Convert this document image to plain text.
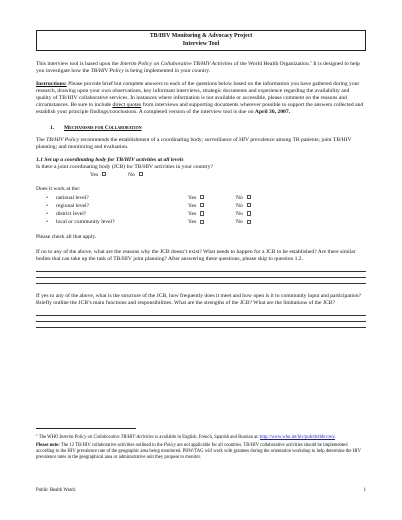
TB/HIV Monitoring & Advocacy Project
Interview Tool

This interview tool is based upon the Interim Policy on Collaborative TB/HIV Activities of the World Health Organization.$^1$ It is designed to help you investigate how the TB/HIV Policy is being implemented in your country.

Instructions: Please provide brief but complete answers to each of the questions below based on the information you have gathered during your research, drawing upon your own observations, key informant interviews, strategic documents and experience regarding the availability and quality of TB/HIV collaborative services. In instances where information is not available or accessible, please comment on the reasons and circumstances. Be sure to include direct quotes from interviews and supporting documents wherever possible to support the answers collected and establish your principle findings/conclusions. A completed version of the interview tool is due on April 30, 2007.

1. Mechanisms for Collaboration

The TB/HIV Policy recommends the establishment of a coordinating body; surveillance of HIV prevalence among TB patients; joint TB/HIV planning; and monitoring and evaluation.

1.1 Set up a coordinating body for TB/HIV activities at all levels

Is there a joint coordinating body (JCB) for TB/HIV activities in your country?

Yes	No

Does it work at the:

• national level?	Yes	No
• regional level?	Yes	No
• district level?	Yes	No
• local or community level?	Yes	No

Please check all that apply.

If no to any of the above, what are the reasons why the JCB doesn’t exist? What needs to happen for a JCB to be established? Are there similar bodies that can take up the task of TB/HIV joint planning? After answering these questions, please skip to question 1.2.

If yes to any of the above, what is the structure of the JCB, how frequently does it meet and how open is it to community input and participation? Briefly outline the JCB’s main functions and responsibilities. What are the strengths of the JCB? What are the limitations of the JCB?

$^1$ The WHO Interim Policy on Collaborative TB/HIV Activities is available in English, French, Spanish and Russian at: http://www.who.int/hiv/pub/tb/tbhiv/en/.

Please note: The 12 TB/HIV collaborative activities outlined in the Policy are not applicable for all countries. TB/HIV collaborative activities should be implemented according to the HIV prevalence rate of the geographic area being monitored. PHW/TAG will work with grantees during the orientation workshop to help determine the HIV prevalence rates in the geographical area or administrative unit they propose to monitor.

Public Health Watch	1
